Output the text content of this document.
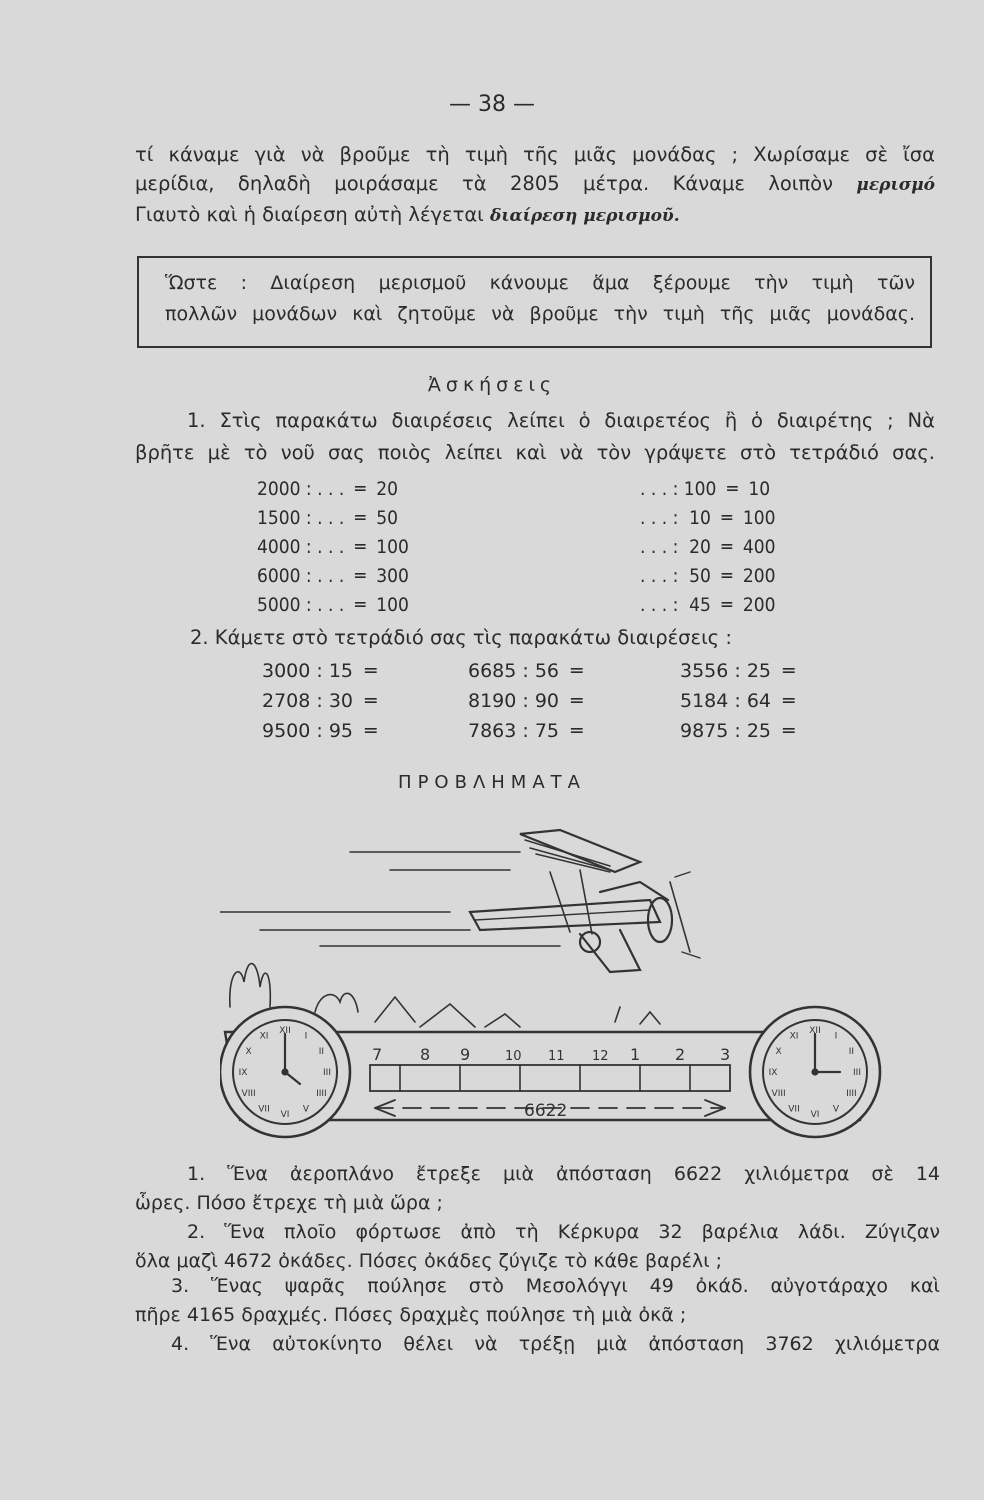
— 38 —
τί κάναμε γιὰ νὰ βροῦμε τὴ τιμὴ τῆς μιᾶς μονάδας ; Χωρίσαμε σὲ ἴσα
μερίδια, δηλαδὴ μοιράσαμε τὰ 2805 μέτρα. Κάναμε λοιπὸν μερισμό
Γιαυτὸ καὶ ἡ διαίρεση αὐτὴ λέγεται διαίρεση μερισμοῦ.
Ὥστε : Διαίρεση μερισμοῦ κάνουμε ἅμα ξέρουμε τὴν τιμὴ τῶν
πολλῶν μονάδων καὶ ζητοῦμε νὰ βροῦμε τὴν τιμὴ τῆς μιᾶς μονάδας.
Ἀσκήσεις
1. Στὶς παρακάτω διαιρέσεις λείπει ὁ διαιρετέος ἢ ὁ διαιρέτης ; Νὰ
βρῆτε μὲ τὸ νοῦ σας ποιὸς λείπει καὶ νὰ τὸν γράψετε στὸ τετράδιό σας.
2000 : . . .  ═  20
1500 : . . .  ═  50
4000 : . . .  ═  100
6000 : . . .  ═  300
5000 : . . .  ═  100
. . . : 100  ═  10
. . . :  10  ═  100
. . . :  20  ═  400
. . . :  50  ═  200
. . . :  45  ═  200
2. Κάμετε στὸ τετράδιό σας τὶς παρακάτω διαιρέσεις :
3000 : 15  ═
2708 : 30  ═
9500 : 95  ═
6685 : 56  ═
8190 : 90  ═
7863 : 75  ═
3556 : 25  ═
5184 : 64  ═
9875 : 25  ═
ΠΡΟΒΛΗΜΑΤΑ
7 8 9	10 11 12 1 2 3
6622
XII
I
II
III
IIII
V
VI
VII
VIII
IX
X
XI
XII
I
II
III
IIII
V
VI
VII
VIII
IX
X
XI
1. Ἕνα ἀεροπλάνο ἔτρεξε μιὰ ἀπόσταση 6622 χιλιόμετρα σὲ 14
ὧρες. Πόσο ἔτρεχε τὴ μιὰ ὥρα ;
2. Ἕνα πλοῖο φόρτωσε ἀπὸ τὴ Κέρκυρα 32 βαρέλια λάδι. Ζύγιζαν
ὅλα μαζὶ 4672 ὀκάδες. Πόσες ὀκάδες ζύγιζε τὸ κάθε βαρέλι ;
3. Ἕνας ψαρᾶς πούλησε στὸ Μεσολόγγι 49 ὀκάδ. αὐγοτάραχο καὶ
πῆρε 4165 δραχμές. Πόσες δραχμὲς πούλησε τὴ μιὰ ὀκᾶ ;
4. Ἕνα αὐτοκίνητο θέλει νὰ τρέξῃ μιὰ ἀπόσταση 3762 χιλιόμετρα
